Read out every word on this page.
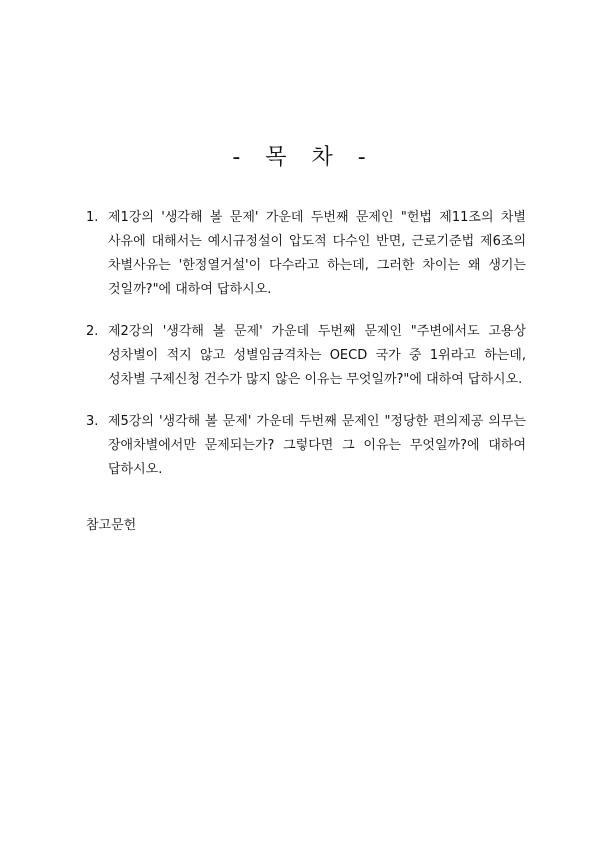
- 목 차 -
1. 제1강의 '생각해 볼 문제' 가운데 두번째 문제인 "헌법 제11조의 차별 사유에 대해서는 예시규정설이 압도적 다수인 반면, 근로기준법 제6조의 차별사유는 '한정열거설'이 다수라고 하는데, 그러한 차이는 왜 생기는 것일까?"에 대하여 답하시오.
2. 제2강의 '생각해 볼 문제' 가운데 두번째 문제인 "주변에서도 고용상 성차별이 적지 않고 성별임금격차는 OECD 국가 중 1위라고 하는데, 성차별 구제신청 건수가 많지 않은 이유는 무엇일까?"에 대하여 답하시오.
3. 제5강의 '생각해 볼 문제' 가운데 두번째 문제인 "정당한 편의제공 의무는 장애차별에서만 문제되는가? 그렇다면 그 이유는 무엇일까?에 대하여 답하시오.
참고문헌
